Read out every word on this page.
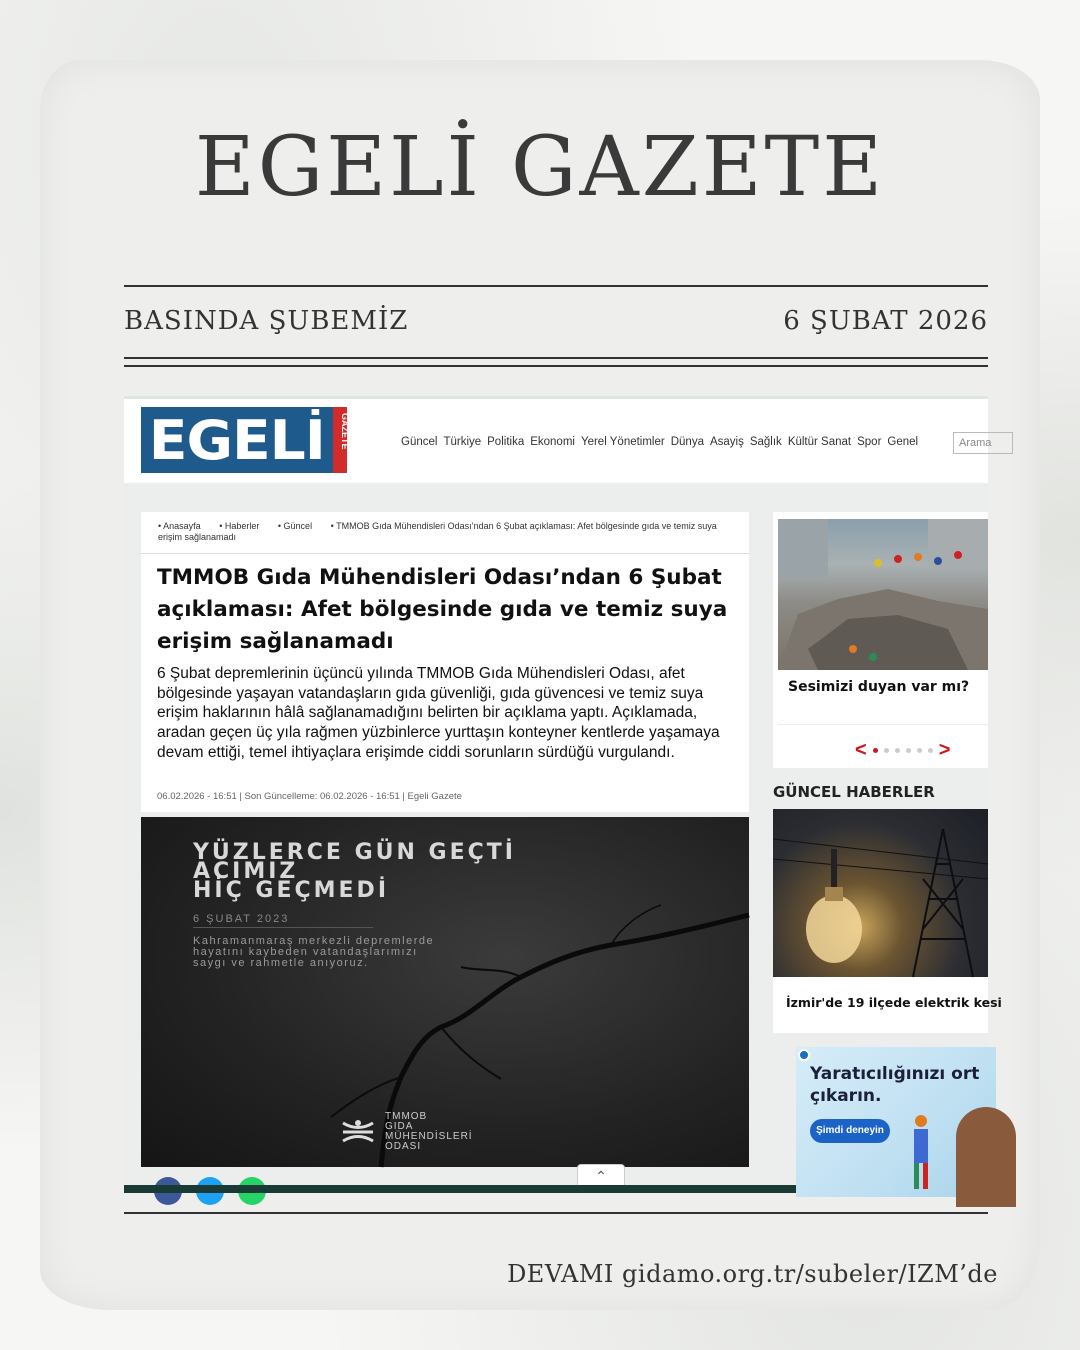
EGELİ GAZETE
BASINDA ŞUBEMİZ	6 ŞUBAT 2026
EGELİ	GAZETE	Güncel Türkiye Politika Ekonomi Yerel Yönetimler Dünya Asayiş Sağlık Kültür Sanat Spor Genel	Arama
• Anasayfa • Haberler • Güncel • TMMOB Gıda Mühendisleri Odası’ndan 6 Şubat açıklaması: Afet bölgesinde gıda ve temiz suya erişim sağlanamadı
TMMOB Gıda Mühendisleri Odası’ndan 6 Şubat açıklaması: Afet bölgesinde gıda ve temiz suya erişim sağlanamadı

6 Şubat depremlerinin üçüncü yılında TMMOB Gıda Mühendisleri Odası, afet bölgesinde yaşayan vatandaşların gıda güvenliği, gıda güvencesi ve temiz suya erişim haklarının hâlâ sağlanamadığını belirten bir açıklama yaptı. Açıklamada, aradan geçen üç yıla rağmen yüzbinlerce yurttaşın konteyner kentlerde yaşamaya devam ettiği, temel ihtiyaçlara erişimde ciddi sorunların sürdüğü vurgulandı.

06.02.2026 - 16:51 | Son Güncelleme: 06.02.2026 - 16:51 | Egeli Gazete
YÜZLERCE GÜN GEÇTİ
ACIMIZ
HİÇ GEÇMEDİ
6 ŞUBAT 2023
Kahramanmaraş merkezli depremlerde
hayatını kaybeden vatandaşlarımızı
saygı ve rahmetle anıyoruz.
TMMOB
GIDA
MÜHENDİSLERİ
ODASI
⌃
Sesimizi duyan var mı?
<	>
GÜNCEL HABERLER
İzmir'de 19 ilçede elektrik kesi
Yaratıcılığınızı ort
çıkarın.
Şimdi deneyin
DEVAMI gidamo.org.tr/subeler/IZM’de
